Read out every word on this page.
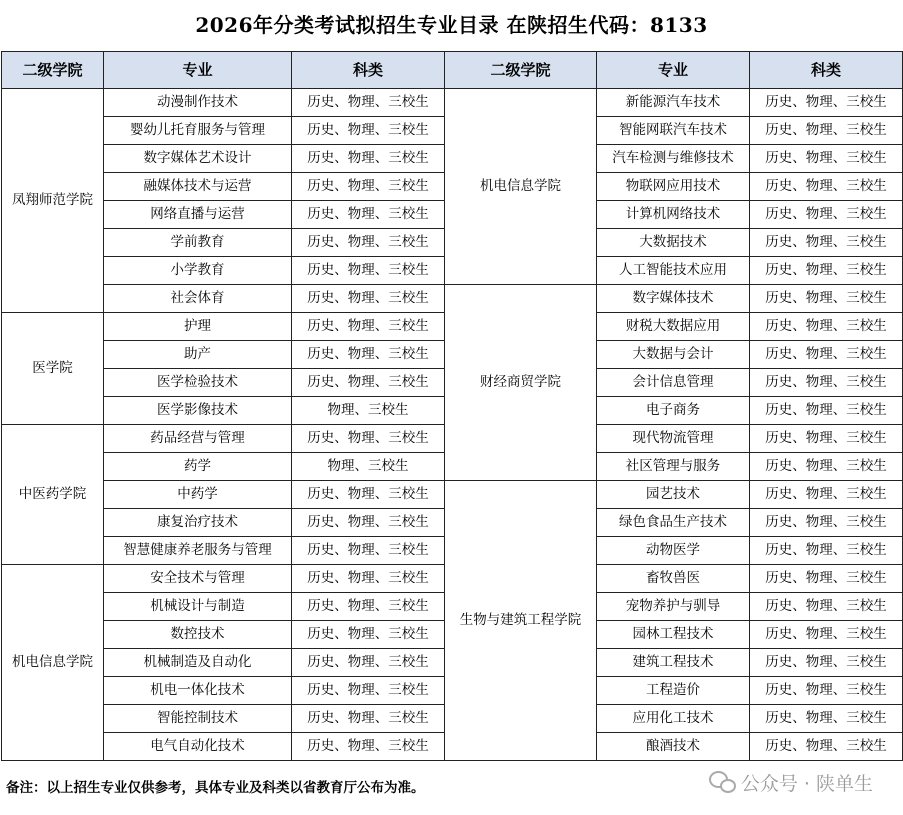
2026年分类考试拟招生专业目录 在陕招生代码：8133
二级学院	专业	科类	二级学院	专业	科类
凤翔师范学院	动漫制作技术	历史、物理、三校生	机电信息学院	新能源汽车技术	历史、物理、三校生
	婴幼儿托育服务与管理	历史、物理、三校生		智能网联汽车技术	历史、物理、三校生
	数字媒体艺术设计	历史、物理、三校生		汽车检测与维修技术	历史、物理、三校生
	融媒体技术与运营	历史、物理、三校生		物联网应用技术	历史、物理、三校生
	网络直播与运营	历史、物理、三校生		计算机网络技术	历史、物理、三校生
	学前教育	历史、物理、三校生		大数据技术	历史、物理、三校生
	小学教育	历史、物理、三校生		人工智能技术应用	历史、物理、三校生
	社会体育	历史、物理、三校生	财经商贸学院	数字媒体技术	历史、物理、三校生
医学院	护理	历史、物理、三校生		财税大数据应用	历史、物理、三校生
	助产	历史、物理、三校生		大数据与会计	历史、物理、三校生
	医学检验技术	历史、物理、三校生		会计信息管理	历史、物理、三校生
	医学影像技术	物理、三校生		电子商务	历史、物理、三校生
中医药学院	药品经营与管理	历史、物理、三校生		现代物流管理	历史、物理、三校生
	药学	物理、三校生		社区管理与服务	历史、物理、三校生
	中药学	历史、物理、三校生	生物与建筑工程学院	园艺技术	历史、物理、三校生
	康复治疗技术	历史、物理、三校生		绿色食品生产技术	历史、物理、三校生
	智慧健康养老服务与管理	历史、物理、三校生		动物医学	历史、物理、三校生
机电信息学院	安全技术与管理	历史、物理、三校生		畜牧兽医	历史、物理、三校生
	机械设计与制造	历史、物理、三校生		宠物养护与驯导	历史、物理、三校生
	数控技术	历史、物理、三校生		园林工程技术	历史、物理、三校生
	机械制造及自动化	历史、物理、三校生		建筑工程技术	历史、物理、三校生
	机电一体化技术	历史、物理、三校生		工程造价	历史、物理、三校生
	智能控制技术	历史、物理、三校生		应用化工技术	历史、物理、三校生
	电气自动化技术	历史、物理、三校生		酿酒技术	历史、物理、三校生
备注：以上招生专业仅供参考，具体专业及科类以省教育厅公布为准。	公众号 · 陕单生
